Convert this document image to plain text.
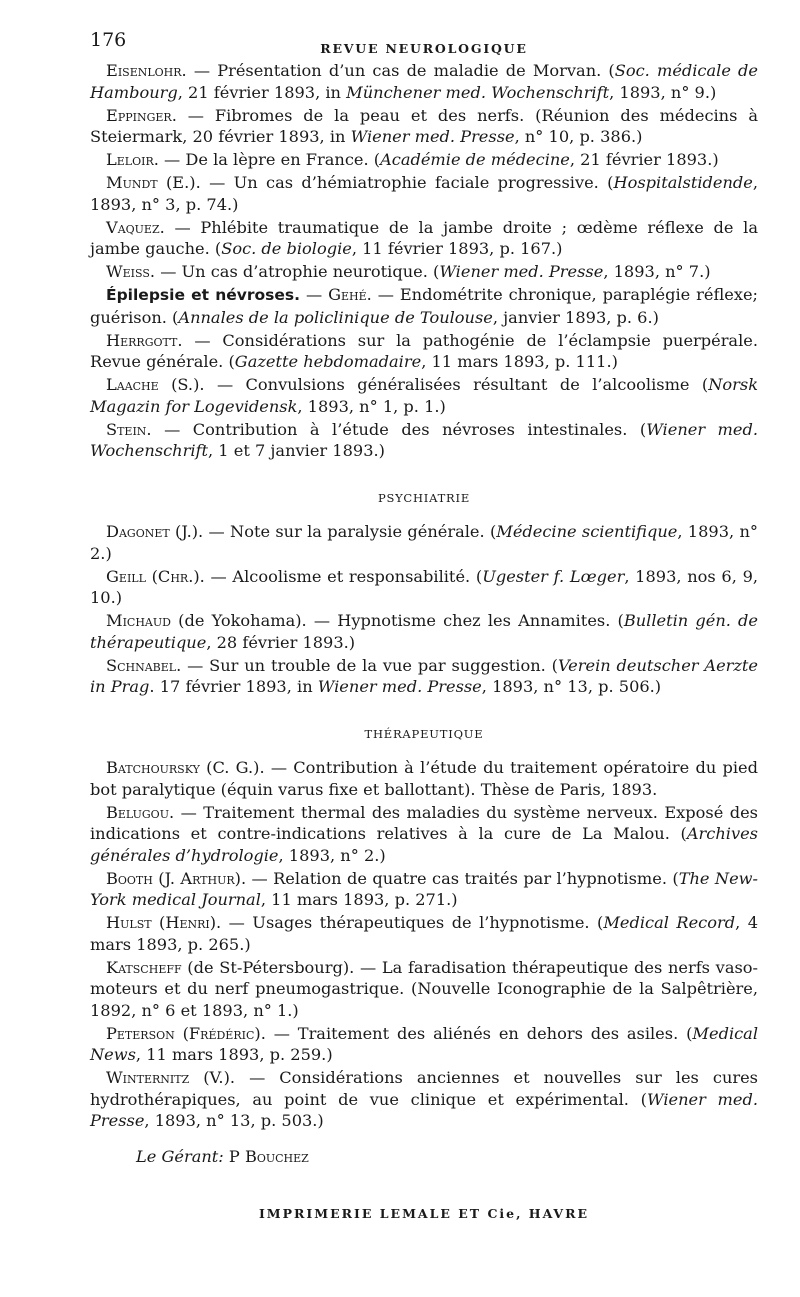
176	REVUE NEUROLOGIQUE

Eisenlohr. — Présentation d’un cas de maladie de Morvan. (Soc. médicale de Hambourg, 21 février 1893, in Münchener med. Wochenschrift, 1893, n° 9.)

Eppinger. — Fibromes de la peau et des nerfs. (Réunion des médecins à Steiermark, 20 février 1893, in Wiener med. Presse, n° 10, p. 386.)

Leloir. — De la lèpre en France. (Académie de médecine, 21 février 1893.)

Mundt (E.). — Un cas d’hémiatrophie faciale progressive. (Hospitalstidende, 1893, n° 3, p. 74.)

Vaquez. — Phlébite traumatique de la jambe droite ; œdème réflexe de la jambe gauche. (Soc. de biologie, 11 février 1893, p. 167.)

Weiss. — Un cas d’atrophie neurotique. (Wiener med. Presse, 1893, n° 7.)

Épilepsie et névroses. — Gehé. — Endométrite chronique, paraplégie réflexe; guérison. (Annales de la policlinique de Toulouse, janvier 1893, p. 6.)

Herrgott. — Considérations sur la pathogénie de l’éclampsie puerpérale. Revue générale. (Gazette hebdomadaire, 11 mars 1893, p. 111.)

Laache (S.). — Convulsions généralisées résultant de l’alcoolisme (Norsk Magazin for Logevidensk, 1893, n° 1, p. 1.)

Stein. — Contribution à l’étude des névroses intestinales. (Wiener med. Wochenschrift, 1 et 7 janvier 1893.)

PSYCHIATRIE

Dagonet (J.). — Note sur la paralysie générale. (Médecine scientifique, 1893, n° 2.)

Geill (Chr.). — Alcoolisme et responsabilité. (Ugester f. Lœger, 1893, nos 6, 9, 10.)

Michaud (de Yokohama). — Hypnotisme chez les Annamites. (Bulletin gén. de thérapeutique, 28 février 1893.)

Schnabel. — Sur un trouble de la vue par suggestion. (Verein deutscher Aerzte in Prag. 17 février 1893, in Wiener med. Presse, 1893, n° 13, p. 506.)

THÉRAPEUTIQUE

Batchoursky (C. G.). — Contribution à l’étude du traitement opératoire du pied bot paralytique (équin varus fixe et ballottant). Thèse de Paris, 1893.

Belugou. — Traitement thermal des maladies du système nerveux. Exposé des indications et contre-indications relatives à la cure de La Malou. (Archives générales d’hydrologie, 1893, n° 2.)

Booth (J. Arthur). — Relation de quatre cas traités par l’hypnotisme. (The New-York medical Journal, 11 mars 1893, p. 271.)

Hulst (Henri). — Usages thérapeutiques de l’hypnotisme. (Medical Record, 4 mars 1893, p. 265.)

Katscheff (de St-Pétersbourg). — La faradisation thérapeutique des nerfs vaso-moteurs et du nerf pneumogastrique. (Nouvelle Iconographie de la Salpêtrière, 1892, n° 6 et 1893, n° 1.)

Peterson (Frédéric). — Traitement des aliénés en dehors des asiles. (Medical News, 11 mars 1893, p. 259.)

Winternitz (V.). — Considérations anciennes et nouvelles sur les cures hydrothérapiques, au point de vue clinique et expérimental. (Wiener med. Presse, 1893, n° 13, p. 503.)

Le Gérant: P Bouchez
IMPRIMERIE LEMALE ET Cie, HAVRE
